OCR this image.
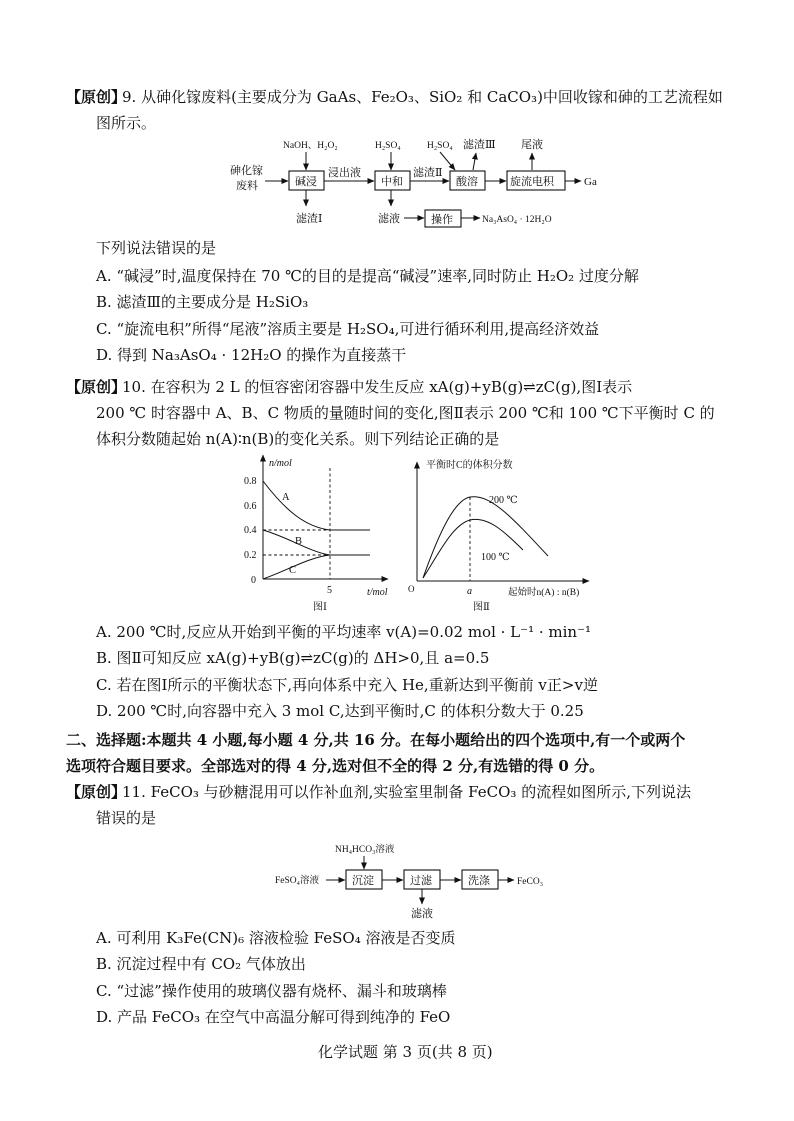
【原创】
9. 从砷化镓废料(主要成分为 GaAs、Fe₂O₃、SiO₂ 和 CaCO₃)中回收镓和砷的工艺流程如
图所示。
砷化镓
废料
NaOH、H₂O₂
碱浸
滤渣Ⅰ
浸出液
H₂SO₄
中和
滤液	操作	Na₃AsO₄ · 12H₂O
滤渣Ⅱ
H₂SO₄ 滤渣Ⅲ
酸溶
尾液
旋流电积	Ga
下列说法错误的是
A. “碱浸”时,温度保持在 70 ℃的目的是提高“碱浸”速率,同时防止 H₂O₂ 过度分解
B. 滤渣Ⅲ的主要成分是 H₂SiO₃
C. “旋流电积”所得“尾液”溶质主要是 H₂SO₄,可进行循环利用,提高经济效益
D. 得到 Na₃AsO₄ · 12H₂O 的操作为直接蒸干
【原创】
10. 在容积为 2 L 的恒容密闭容器中发生反应 xA(g)+yB(g)⇌zC(g),图Ⅰ表示
200 ℃ 时容器中 A、B、C 物质的量随时间的变化,图Ⅱ表示 200 ℃和 100 ℃下平衡时 C 的
体积分数随起始 n(A)∶n(B)的变化关系。则下列结论正确的是
n/mol
t/mol
0.8
0.6
0.4
0.2
0
5
A
B
C
图Ⅰ
平衡时C的体积分数
起始时n(A) : n(B)
200 ℃
100 ℃
a
O
图Ⅱ
A. 200 ℃时,反应从开始到平衡的平均速率 v(A)=0.02 mol · L⁻¹ · min⁻¹
B. 图Ⅱ可知反应 xA(g)+yB(g)⇌zC(g)的 ΔH>0,且 a=0.5
C. 若在图Ⅰ所示的平衡状态下,再向体系中充入 He,重新达到平衡前 v正>v逆
D. 200 ℃时,向容器中充入 3 mol C,达到平衡时,C 的体积分数大于 0.25
二、选择题:本题共 4 小题,每小题 4 分,共 16 分。在每小题给出的四个选项中,有一个或两个
选项符合题目要求。全部选对的得 4 分,选对但不全的得 2 分,有选错的得 0 分。
【原创】
11. FeCO₃ 与砂糖混用可以作补血剂,实验室里制备 FeCO₃ 的流程如图所示,下列说法
错误的是
NH₄HCO₃溶液
FeSO₄溶液	沉淀	过滤
滤液
洗涤	FeCO₃
A. 可利用 K₃Fe(CN)₆ 溶液检验 FeSO₄ 溶液是否变质
B. 沉淀过程中有 CO₂ 气体放出
C. “过滤”操作使用的玻璃仪器有烧杯、漏斗和玻璃棒
D. 产品 FeCO₃ 在空气中高温分解可得到纯净的 FeO
化学试题 第 3 页(共 8 页)
